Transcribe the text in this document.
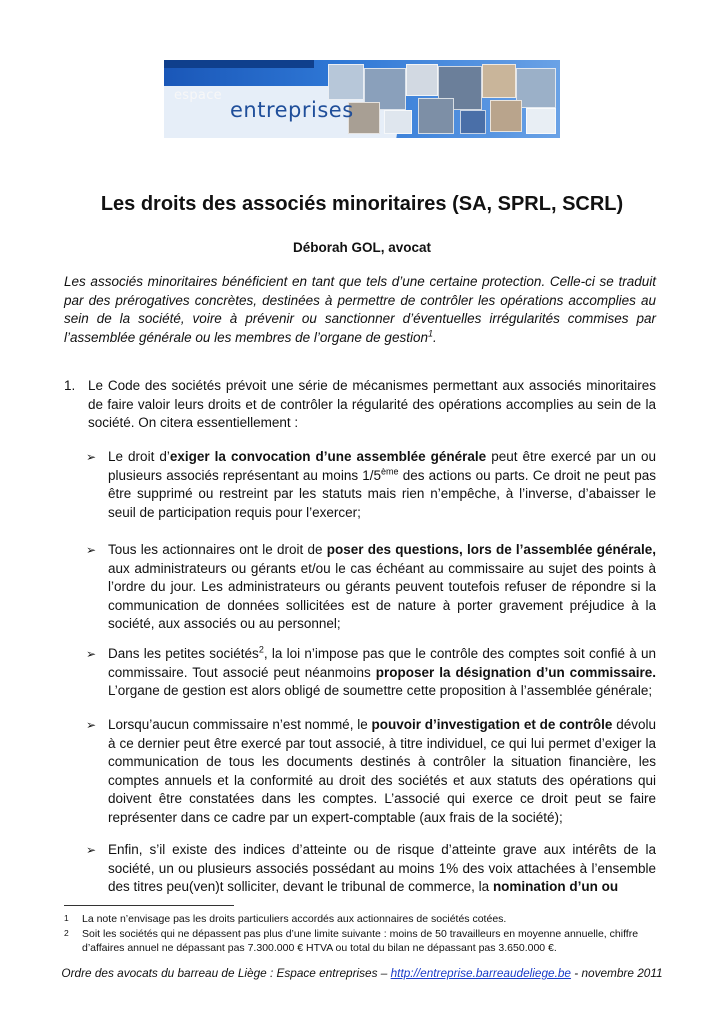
espace
entreprises
Les droits des associés minoritaires (SA, SPRL, SCRL)
Déborah GOL, avocat
Les associés minoritaires bénéficient en tant que tels d’une certaine protection. Celle-ci se traduit par des prérogatives concrètes, destinées à permettre de contrôler les opérations accomplies au sein de la société, voire à prévenir ou sanctionner d’éventuelles irrégularités commises par l’assemblée générale ou les membres de l’organe de gestion$^1$.
1. Le Code des sociétés prévoit une série de mécanismes permettant aux associés minoritaires de faire valoir leurs droits et de contrôler la régularité des opérations accomplies au sein de la société. On citera essentiellement :
➢ Le droit d’exiger la convocation d’une assemblée générale peut être exercé par un ou plusieurs associés représentant au moins 1/5ème des actions ou parts. Ce droit ne peut pas être supprimé ou restreint par les statuts mais rien n’empêche, à l’inverse, d’abaisser le seuil de participation requis pour l’exercer;
➢ Tous les actionnaires ont le droit de poser des questions, lors de l’assemblée générale, aux administrateurs ou gérants et/ou le cas échéant au commissaire au sujet des points à l’ordre du jour. Les administrateurs ou gérants peuvent toutefois refuser de répondre si la communication de données sollicitées est de nature à porter gravement préjudice à la société, aux associés ou au personnel;
➢ Dans les petites sociétés$^2$, la loi n’impose pas que le contrôle des comptes soit confié à un commissaire. Tout associé peut néanmoins proposer la désignation d’un commissaire. L’organe de gestion est alors obligé de soumettre cette proposition à l’assemblée générale;
➢ Lorsqu’aucun commissaire n’est nommé, le pouvoir d’investigation et de contrôle dévolu à ce dernier peut être exercé par tout associé, à titre individuel, ce qui lui permet d’exiger la communication de tous les documents destinés à contrôler la situation financière, les comptes annuels et la conformité au droit des sociétés et aux statuts des opérations qui doivent être constatées dans les comptes. L’associé qui exerce ce droit peut se faire représenter dans ce cadre par un expert-comptable (aux frais de la société);
➢ Enfin, s’il existe des indices d’atteinte ou de risque d’atteinte grave aux intérêts de la société, un ou plusieurs associés possédant au moins 1% des voix attachées à l’ensemble des titres peu(ven)t solliciter, devant le tribunal de commerce, la nomination d’un ou
1	La note n’envisage pas les droits particuliers accordés aux actionnaires de sociétés cotées.
2	Soit les sociétés qui ne dépassent pas plus d’une limite suivante : moins de 50 travailleurs en moyenne annuelle, chiffre d’affaires annuel ne dépassant pas 7.300.000 € HTVA ou total du bilan ne dépassant pas 3.650.000 €.
Ordre des avocats du barreau de Liège : Espace entreprises – http://entreprise.barreaudeliege.be - novembre 2011
